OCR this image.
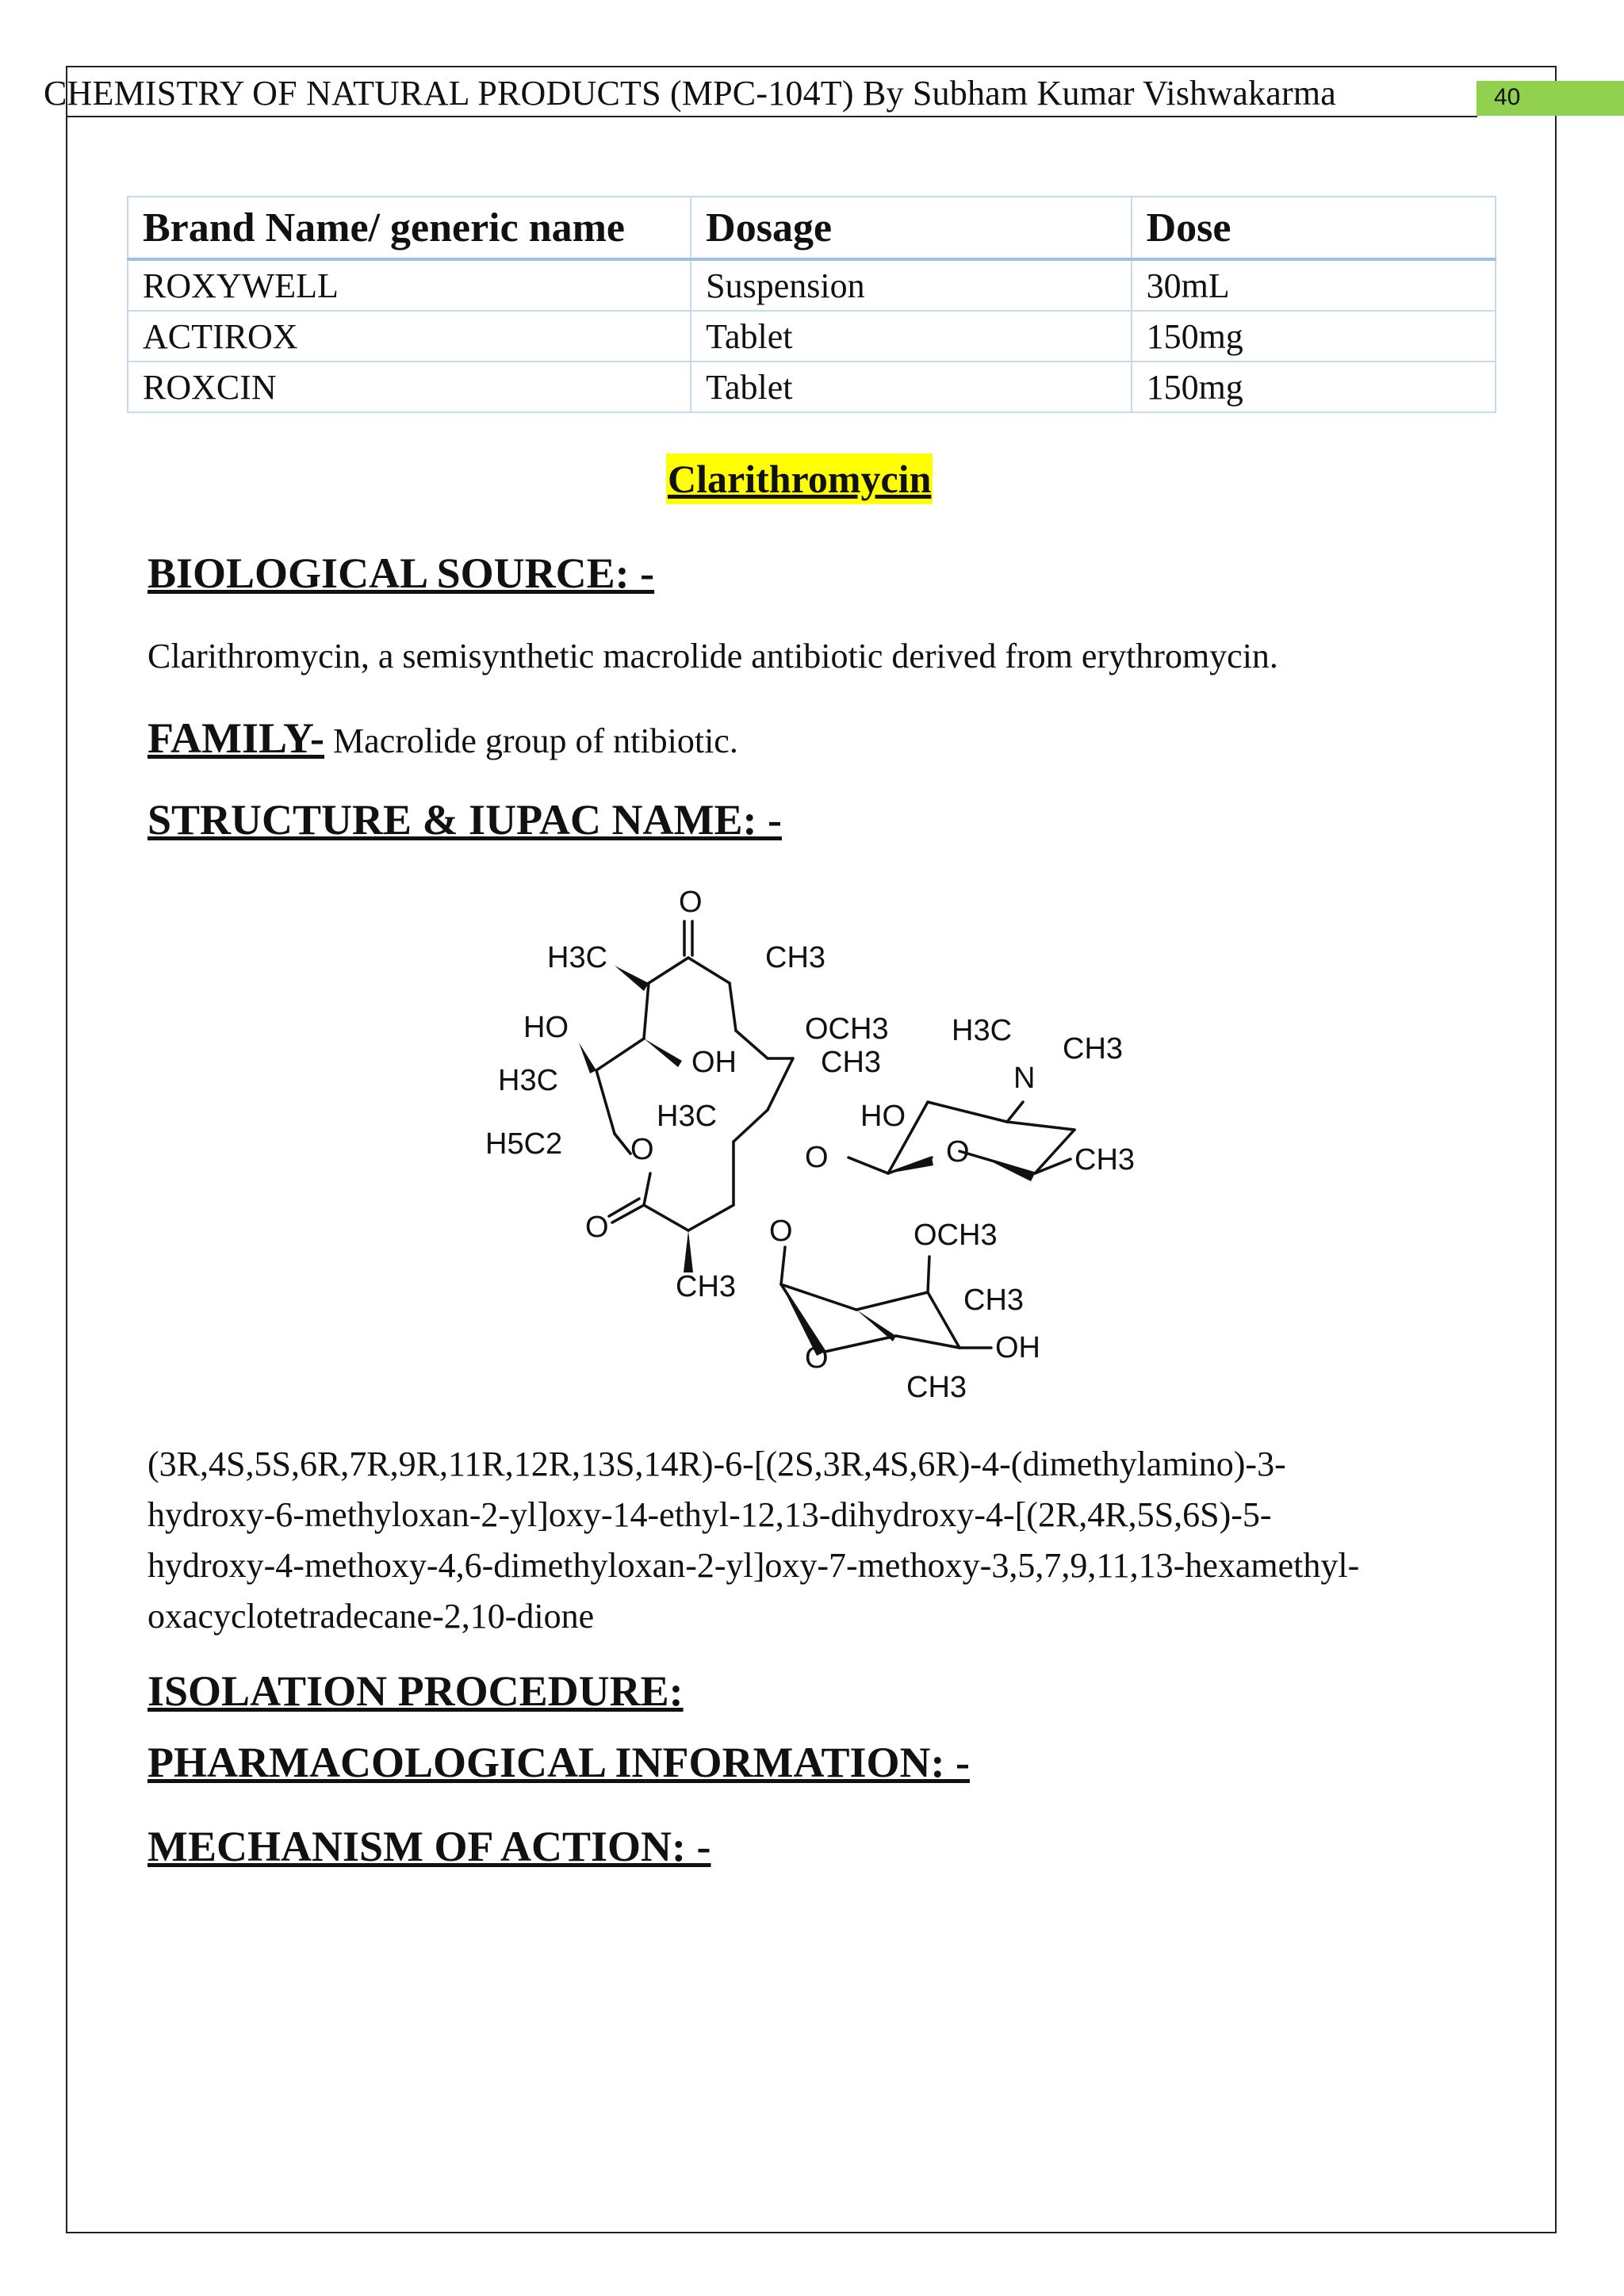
CHEMISTRY OF NATURAL PRODUCTS (MPC-104T) By Subham Kumar Vishwakarma	40
Brand Name/ generic name	Dosage	Dose
ROXYWELL	Suspension	30mL
ACTIROX	Tablet	150mg
ROXCIN	Tablet	150mg
Clarithromycin
BIOLOGICAL SOURCE: -
Clarithromycin, a semisynthetic macrolide antibiotic derived from erythromycin.
FAMILY- Macrolide group of ntibiotic.
STRUCTURE & IUPAC NAME: -
O
H3C	CH3
HO
OH
OCH3
CH3
H3C
H3C
H5C2 O
O
CH3
O
O
HO
O
H3C
N
CH3
CH3
OCH3
CH3
OH
O
CH3
(3R,4S,5S,6R,7R,9R,11R,12R,13S,14R)-6-[(2S,3R,4S,6R)-4-(dimethylamino)-3-
hydroxy-6-methyloxan-2-yl]oxy-14-ethyl-12,13-dihydroxy-4-[(2R,4R,5S,6S)-5-
hydroxy-4-methoxy-4,6-dimethyloxan-2-yl]oxy-7-methoxy-3,5,7,9,11,13-hexamethyl-
oxacyclotetradecane-2,10-dione
ISOLATION PROCEDURE:
PHARMACOLOGICAL INFORMATION: -
MECHANISM OF ACTION: -
